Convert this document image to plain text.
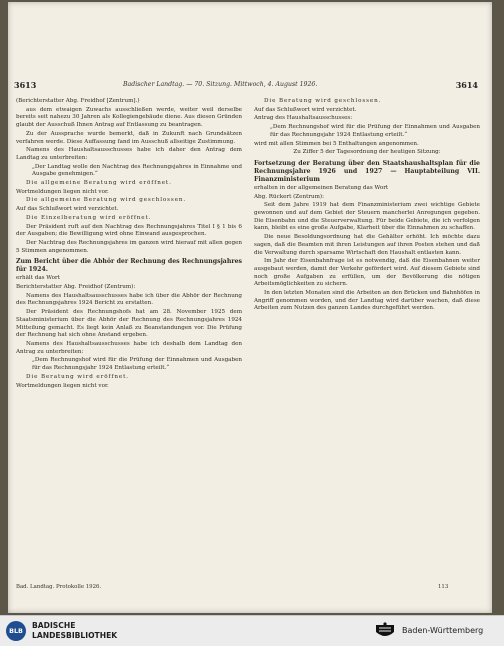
3613	Badischer Landtag. — 70. Sitzung. Mittwoch, 4. August 1926.	3614

(Berichterstatter Abg. Freidhof [Zentrum].)

aus dem etwaigen Zuwachs ausschließen werde, weiter weil derselbe bereits seit nahezu 30 Jahren als Kollegiengebäude diene. Aus diesen Gründen glaubt der Ausschuß Ihnen Antrag auf Entlassung zu beantragen.

Zu der Aussprache wurde bemerkt, daß in Zukunft nach Grundsätzen verfahren werde. Diese Auffassung fand im Ausschuß allseitige Zustimmung.

Namens des Haushaltsausschusses habe ich daher den Antrag dem Landtag zu unterbreiten:

„Der Landtag wolle den Nachtrag des Rechnungsjahres in Einnahme und Ausgabe genehmigen.“

Die allgemeine Beratung wird eröffnet.

Wortmeldungen liegen nicht vor.

Die allgemeine Beratung wird geschlossen.

Auf das Schlußwort wird verzichtet.

Die Einzelberatung wird eröffnet.

Der Präsident ruft auf den Nachtrag des Rechnungsjahres Titel I § 1 bis 6 der Ausgaben; die Bewilligung wird ohne Einwand ausgesprochen.

Der Nachtrag des Rechnungsjahres im ganzen wird hierauf mit allen gegen 5 Stimmen angenommen.

Zum Bericht über die Abhör der Rechnung des Rechnungsjahres für 1924.

erhält das Wort

Berichterstatter Abg. Freidhof (Zentrum):

Namens des Haushaltsausschusses habe ich über die Abhör der Rechnung des Rechnungsjahres 1924 Bericht zu erstatten.

Der Präsident des Rechnungshofs hat am 28. November 1925 dem Staatsministerium über die Abhör der Rechnung des Rechnungsjahres 1924 Mitteilung gemacht. Es liegt kein Anlaß zu Beanstandungen vor. Die Prüfung der Rechnung hat sich ohne Anstand ergeben.

Namens des Haushaltsausschusses habe ich deshalb dem Landtag den Antrag zu unterbreiten:

„Dem Rechnungshof wird für die Prüfung der Einnahmen und Ausgaben für das Rechnungsjahr 1924 Entlastung erteilt.“

Die Beratung wird eröffnet.

Wortmeldungen liegen nicht vor.

Die Beratung wird geschlossen.

Auf das Schlußwort wird verzichtet.

Antrag des Haushaltsausschusses:

„Dem Rechnungshof wird für die Prüfung der Einnahmen und Ausgaben für das Rechnungsjahr 1924 Entlastung erteilt.“

wird mit allen Stimmen bei 5 Enthaltungen angenommen.

Zu Ziffer 5 der Tagesordnung der heutigen Sitzung:

Fortsetzung der Beratung über den Staatshaushaltsplan für die Rechnungsjahre 1926 und 1927 — Hauptabteilung VII. Finanzministerium

erhalten in der allgemeinen Beratung das Wort

Abg. Rückert (Zentrum):

Seit dem Jahre 1919 hat dem Finanzministerium zwei wichtige Gebiete gewonnen und auf dem Gebiet der Steuern mancherlei Anregungen gegeben. Die Eisenbahn und die Steuerverwaltung. Für beide Gebiete, die ich verfolgen kann, bleibt es eine große Aufgabe, Klarheit über die Einnahmen zu schaffen.

Die neue Besoldungsordnung hat die Gehälter erhöht. Ich möchte dazu sagen, daß die Beamten mit ihren Leistungen auf ihren Posten stehen und daß die Verwaltung durch sparsame Wirtschaft den Haushalt entlasten kann.

Im Jahr der Eisenbahnfrage ist es notwendig, daß die Eisenbahnen weiter ausgebaut werden, damit der Verkehr gefördert wird. Auf diesem Gebiete sind noch große Aufgaben zu erfüllen, um der Bevölkerung die nötigen Arbeitsmöglichkeiten zu sichern.

In den letzten Monaten sind die Arbeiten an den Brücken und Bahnhöfen in Angriff genommen worden, und der Landtag wird darüber wachen, daß diese Arbeiten zum Nutzen des ganzen Landes durchgeführt werden.

Bad. Landtag. Protokolle 1926.	113
BLB
BADISCHE
LANDESBIBLIOTHEK
Baden-Württemberg
